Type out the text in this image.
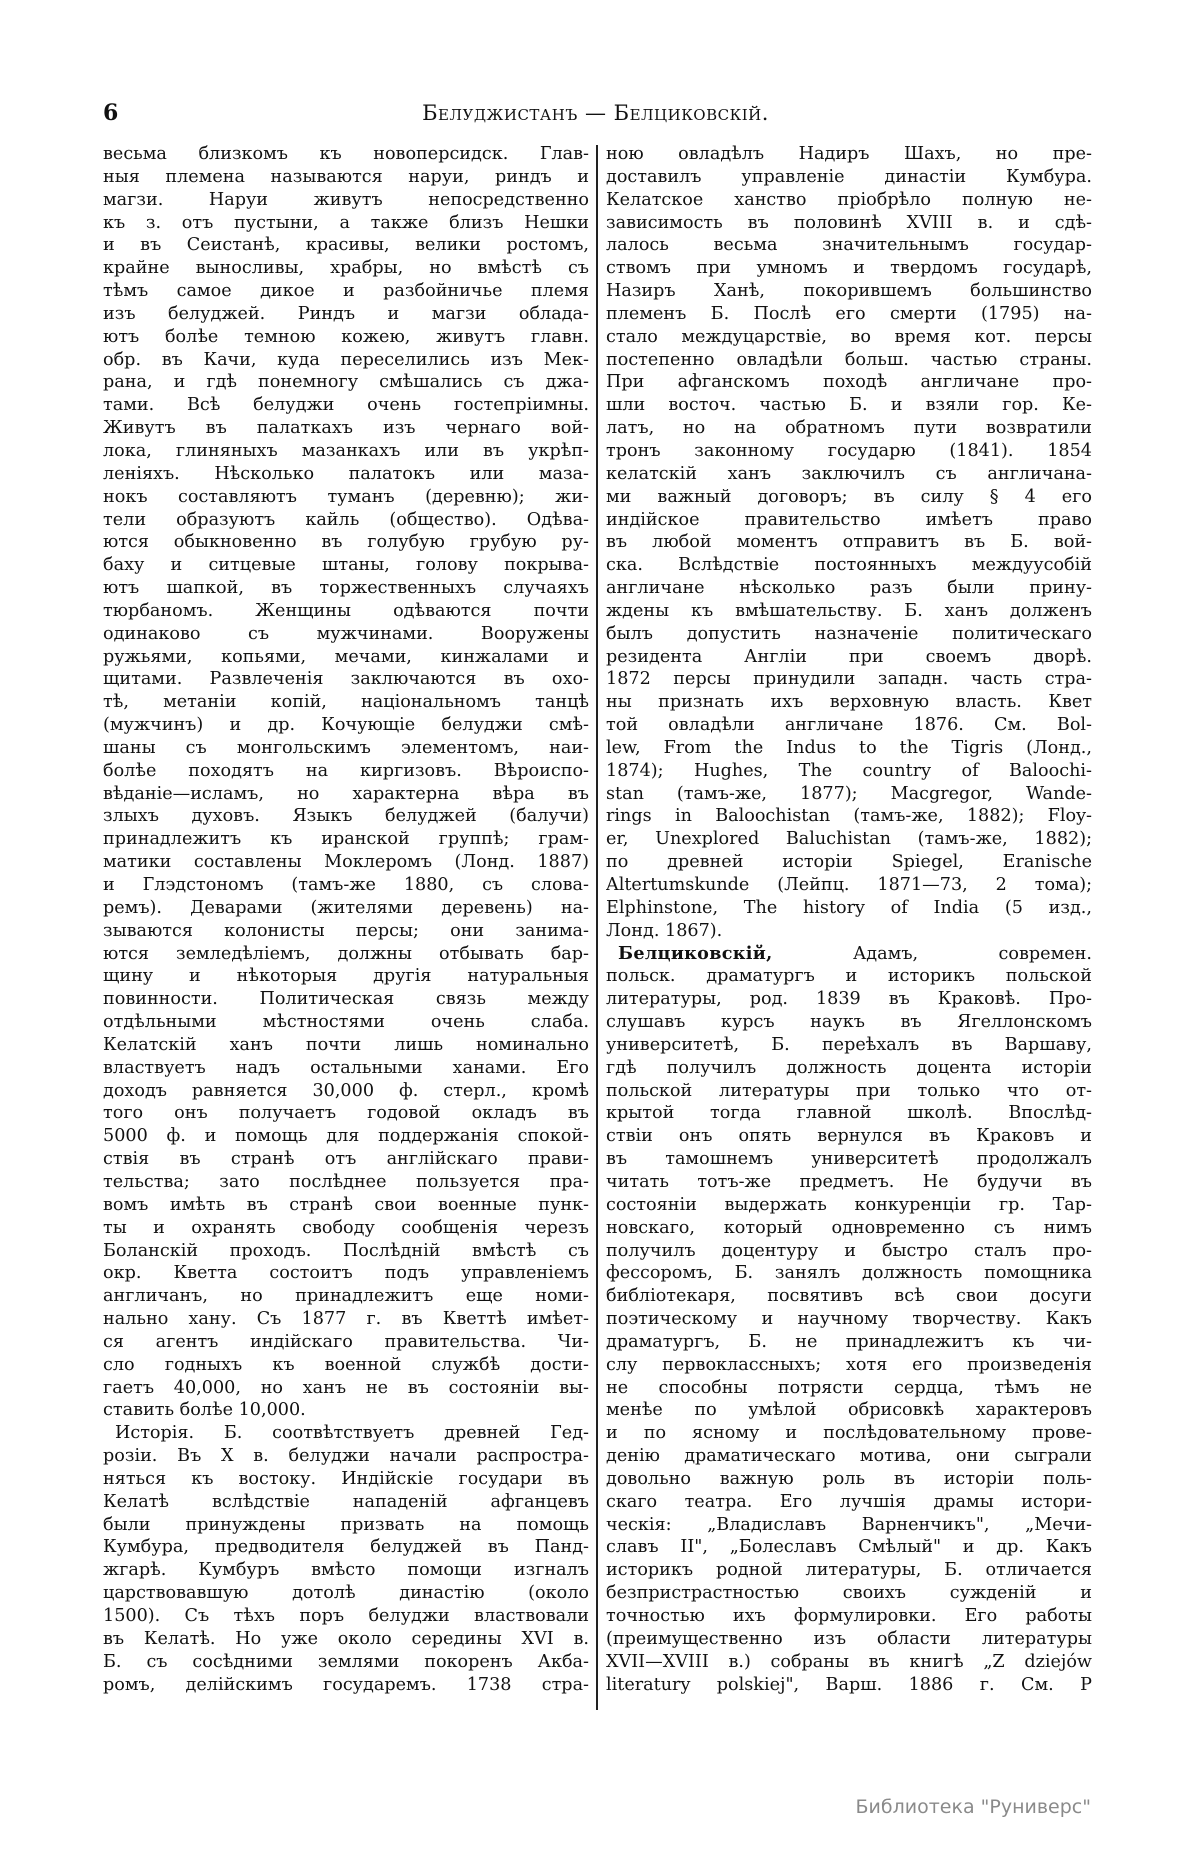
6	Белуджистанъ — Белциковскій.
весьма близкомъ къ новоперсидск. Глав-
ныя племена называются наруи, риндъ и
магзи. Наруи живутъ непосредственно
къ з. отъ пустыни, а также близъ Нешки
и въ Сеистанѣ, красивы, велики ростомъ,
крайне выносливы, храбры, но вмѣстѣ съ
тѣмъ самое дикое и разбойничье племя
изъ белуджей. Риндъ и магзи облада-
ютъ болѣе темною кожею, живутъ главн.
обр. въ Качи, куда переселились изъ Мек-
рана, и гдѣ понемногу смѣшались съ джа-
тами. Всѣ белуджи очень гостепріимны.
Живутъ въ палаткахъ изъ чернаго вой-
лока, глиняныхъ мазанкахъ или въ укрѣп-
леніяхъ. Нѣсколько палатокъ или маза-
нокъ составляютъ туманъ (деревню); жи-
тели образуютъ кайль (общество). Одѣва-
ются обыкновенно въ голубую грубую ру-
баху и ситцевые штаны, голову покрыва-
ютъ шапкой, въ торжественныхъ случаяхъ
тюрбаномъ. Женщины одѣваются почти
одинаково съ мужчинами. Вооружены
ружьями, копьями, мечами, кинжалами и
щитами. Развлеченія заключаются въ охо-
тѣ, метаніи копій, національномъ танцѣ
(мужчинъ) и др. Кочующіе белуджи смѣ-
шаны съ монгольскимъ элементомъ, наи-
болѣе походятъ на киргизовъ. Вѣроиспо-
вѣданіе—исламъ, но характерна вѣра въ
злыхъ духовъ. Языкъ белуджей (балучи)
принадлежитъ къ иранской группѣ; грам-
матики составлены Моклеромъ (Лонд. 1887)
и Глэдстономъ (тамъ-же 1880, съ слова-
ремъ). Деварами (жителями деревень) на-
зываются колонисты персы; они занима-
ются земледѣліемъ, должны отбывать бар-
щину и нѣкоторыя другія натуральныя
повинности. Политическая связь между
отдѣльными мѣстностями очень слаба.
Келатскій ханъ почти лишь номинально
властвуетъ надъ остальными ханами. Его
доходъ равняется 30,000 ф. стерл., кромѣ
того онъ получаетъ годовой окладъ въ
5000 ф. и помощь для поддержанія спокой-
ствія въ странѣ отъ англійскаго прави-
тельства; зато послѣднее пользуется пра-
вомъ имѣть въ странѣ свои военные пунк-
ты и охранять свободу сообщенія черезъ
Боланскій проходъ. Послѣдній вмѣстѣ съ
окр. Кветта состоитъ подъ управленіемъ
англичанъ, но принадлежитъ еще номи-
нально хану. Съ 1877 г. въ Кветтѣ имѣет-
ся агентъ индійскаго правительства. Чи-
сло годныхъ къ военной службѣ дости-
гаетъ 40,000, но ханъ не въ состояніи вы-
ставить болѣе 10,000.
Исторія. Б. соотвѣтствуетъ древней Гед-
розіи. Въ X в. белуджи начали распростра-
няться къ востоку. Индійскіе государи въ
Келатѣ вслѣдствіе нападеній афганцевъ
были принуждены призвать на помощь
Кумбура, предводителя белуджей въ Панд-
жгарѣ. Кумбуръ вмѣсто помощи изгналъ
царствовавшую дотолѣ династію (около
1500). Съ тѣхъ поръ белуджи властвовали
въ Келатѣ. Но уже около середины XVI в.
Б. съ сосѣдними землями покоренъ Акба-
ромъ, делійскимъ государемъ. 1738 стра-
ною овладѣлъ Надиръ Шахъ, но пре-
доставилъ управленіе династіи Кумбура.
Келатское ханство пріобрѣло полную не-
зависимость въ половинѣ XVIII в. и сдѣ-
лалось весьма значительнымъ государ-
ствомъ при умномъ и твердомъ государѣ,
Назиръ Ханѣ, покорившемъ большинство
племенъ Б. Послѣ его смерти (1795) на-
стало междуцарствіе, во время кот. персы
постепенно овладѣли больш. частью страны.
При афганскомъ походѣ англичане про-
шли восточ. частью Б. и взяли гор. Ке-
латъ, но на обратномъ пути возвратили
тронъ законному государю (1841). 1854
келатскій ханъ заключилъ съ англичана-
ми важный договоръ; въ силу § 4 его
индійское правительство имѣетъ право
въ любой моментъ отправитъ въ Б. вой-
ска. Вслѣдствіе постоянныхъ междуусобій
англичане нѣсколько разъ были прину-
ждены къ вмѣшательству. Б. ханъ долженъ
былъ допустить назначеніе политическаго
резидента Англіи при своемъ дворѣ.
1872 персы принудили западн. часть стра-
ны признать ихъ верховную власть. Квет
той овладѣли англичане 1876. См. Bol-
lew, From the Indus to the Tigris (Лонд.,
1874); Hughes, The country of Baloochi-
stan (тамъ-же, 1877); Macgregor, Wande-
rings in Baloochistan (тамъ-же, 1882); Floy-
er, Unexplored Baluchistan (тамъ-же, 1882);
по древней исторіи Spiegel, Eranische
Altertumskunde (Лейпц. 1871—73, 2 тома);
Elphinstone, The history of India (5 изд.,
Лонд. 1867).
Белциковскій,	Адамъ, современ.
польск. драматургъ и историкъ польской
литературы, род. 1839 въ Краковѣ. Про-
слушавъ курсъ наукъ въ Ягеллонскомъ
университетѣ, Б. переѣхалъ въ Варшаву,
гдѣ получилъ должность доцента исторіи
польской литературы при только что от-
крытой тогда главной школѣ. Впослѣд-
ствіи онъ опять вернулся въ Краковъ и
въ тамошнемъ университетѣ продолжалъ
читать тотъ-же предметъ. Не будучи въ
состояніи выдержать конкуренціи гр. Тар-
новскаго, который одновременно съ нимъ
получилъ доцентуру и быстро сталъ про-
фессоромъ, Б. занялъ должность помощника
библіотекаря, посвятивъ всѣ свои досуги
поэтическому и научному творчеству. Какъ
драматургъ, Б. не принадлежитъ къ чи-
слу первоклассныхъ; хотя его произведенія
не способны потрясти сердца, тѣмъ не
менѣе по умѣлой обрисовкѣ характеровъ
и по ясному и послѣдовательному прове-
денію драматическаго мотива, они сыграли
довольно важную роль въ исторіи поль-
скаго театра. Его лучшія драмы истори-
ческія: „Владиславъ Варненчикъ", „Мечи-
славъ II", „Болеславъ Смѣлый" и др. Какъ
историкъ родной литературы, Б. отличается
безпристрастностью своихъ сужденій и
точностью ихъ формулировки. Его работы
(преимущественно изъ области литературы
XVII—XVIII в.) собраны въ книгѣ „Z dziejów
literatury polskiej", Варш. 1886 г. См. Р
Библиотека "Руниверс"
